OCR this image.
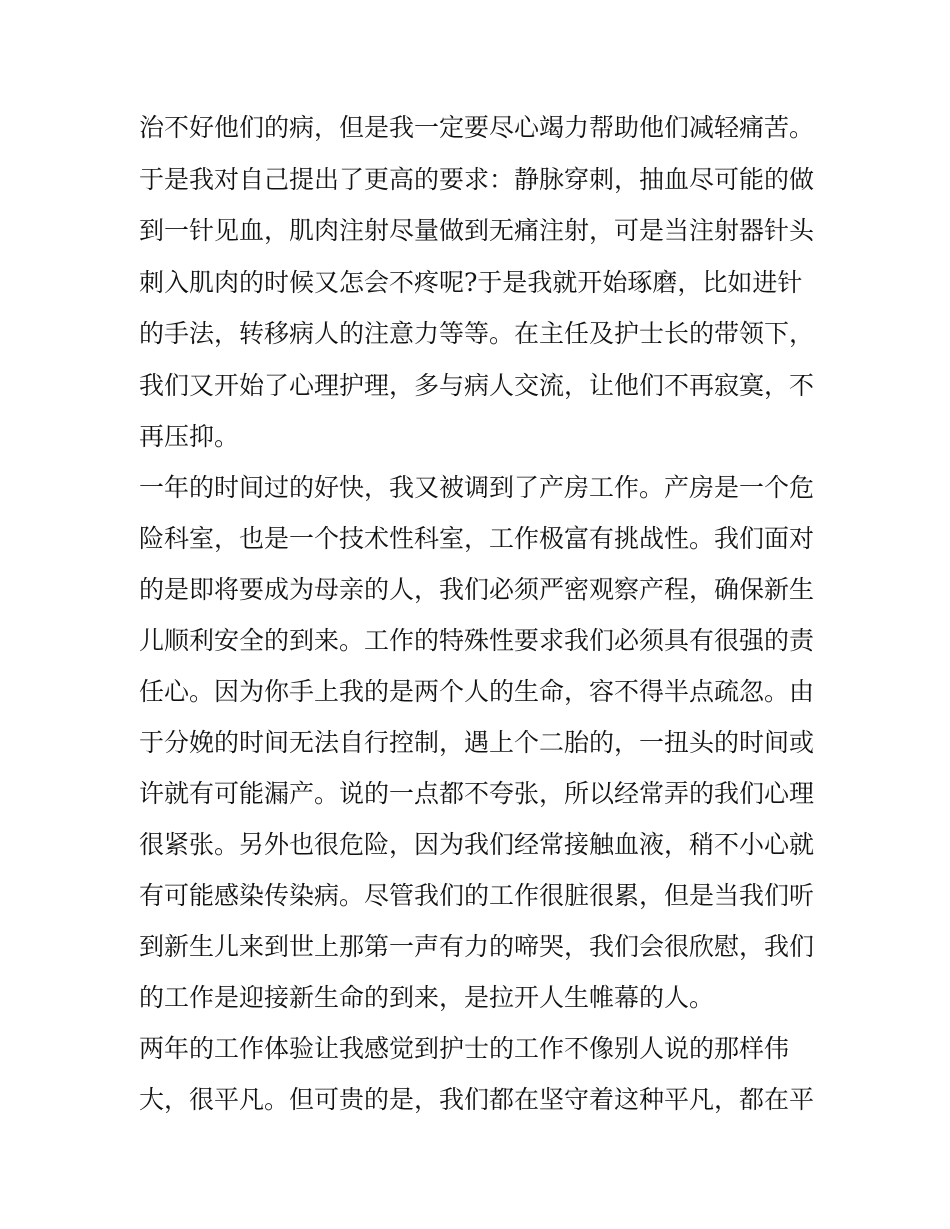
治不好他们的病，但是我一定要尽心竭力帮助他们减轻痛苦。
于是我对自己提出了更高的要求：静脉穿刺，抽血尽可能的做
到一针见血，肌肉注射尽量做到无痛注射，可是当注射器针头
刺入肌肉的时候又怎会不疼呢?于是我就开始琢磨，比如进针
的手法，转移病人的注意力等等。在主任及护士长的带领下，
我们又开始了心理护理，多与病人交流，让他们不再寂寞，不
再压抑。
一年的时间过的好快，我又被调到了产房工作。产房是一个危
险科室，也是一个技术性科室，工作极富有挑战性。我们面对
的是即将要成为母亲的人，我们必须严密观察产程，确保新生
儿顺利安全的到来。工作的特殊性要求我们必须具有很强的责
任心。因为你手上我的是两个人的生命，容不得半点疏忽。由
于分娩的时间无法自行控制，遇上个二胎的，一扭头的时间或
许就有可能漏产。说的一点都不夸张，所以经常弄的我们心理
很紧张。另外也很危险，因为我们经常接触血液，稍不小心就
有可能感染传染病。尽管我们的工作很脏很累，但是当我们听
到新生儿来到世上那第一声有力的啼哭，我们会很欣慰，我们
的工作是迎接新生命的到来，是拉开人生帷幕的人。
两年的工作体验让我感觉到护士的工作不像别人说的那样伟
大，很平凡。但可贵的是，我们都在坚守着这种平凡，都在平
